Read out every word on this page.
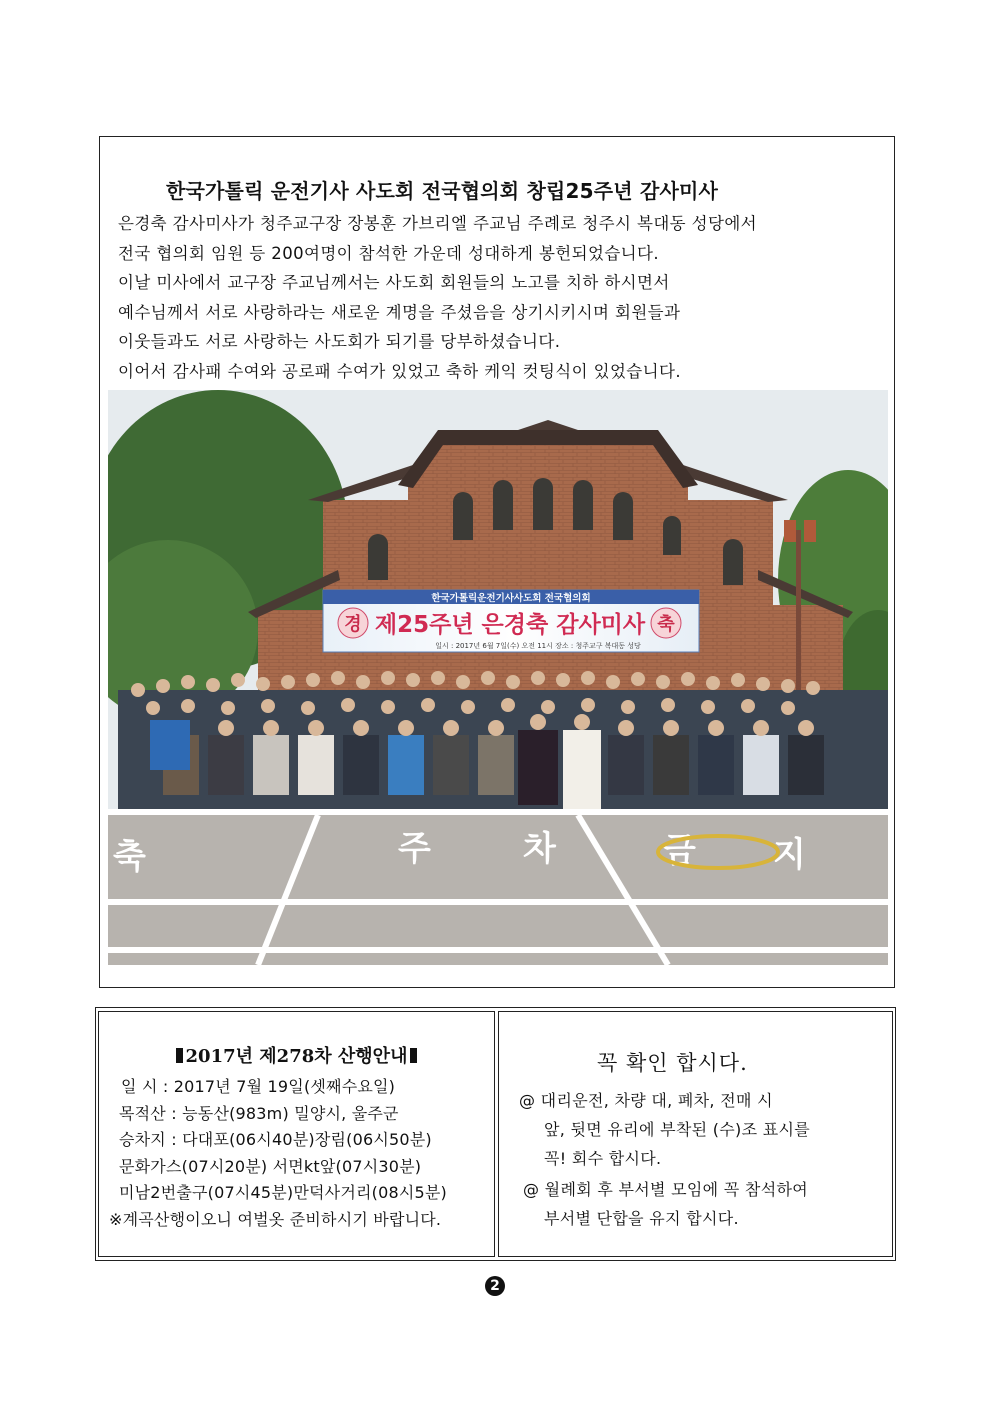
한국가톨릭 운전기사 사도회 전국협의회 창립25주년 감사미사
은경축 감사미사가 청주교구장 장봉훈 가브리엘 주교님 주례로 청주시 복대동 성당에서
전국 협의회 임원 등 200여명이 참석한 가운데 성대하게 봉헌되었습니다.
이날 미사에서 교구장 주교님께서는 사도회 회원들의 노고를 치하 하시면서
예수님께서 서로 사랑하라는 새로운 계명을 주셨음을 상기시키시며 회원들과
이웃들과도 서로 사랑하는 사도회가 되기를 당부하셨습니다.
이어서 감사패 수여와 공로패 수여가 있었고 축하 케익 컷팅식이 있었습니다.
한국가톨릭운전기사사도회 전국협의회
경	축
제25주년 은경축 감사미사
일시 : 2017년 6월 7일(수) 오전 11시 장소 : 청주교구 복대동 성당
축	주	차	금 지
2017년 제278차 산행안내
일 시 : 2017년 7월 19일(셋째수요일)
목적산 : 능동산(983m) 밀양시, 울주군
승차지 : 다대포(06시40분)장림(06시50분)
문화가스(07시20분) 서면kt앞(07시30분)
미남2번출구(07시45분)만덕사거리(08시5분)
※계곡산행이오니 여벌옷 준비하시기 바랍니다.
꼭 확인 합시다.
@ 대리운전, 차량 대, 폐차, 전매 시
앞, 뒷면 유리에 부착된 (수)조 표시를
꼭! 회수 합시다.
@ 월례회 후 부서별 모임에 꼭 참석하여
부서별 단합을 유지 합시다.
2
